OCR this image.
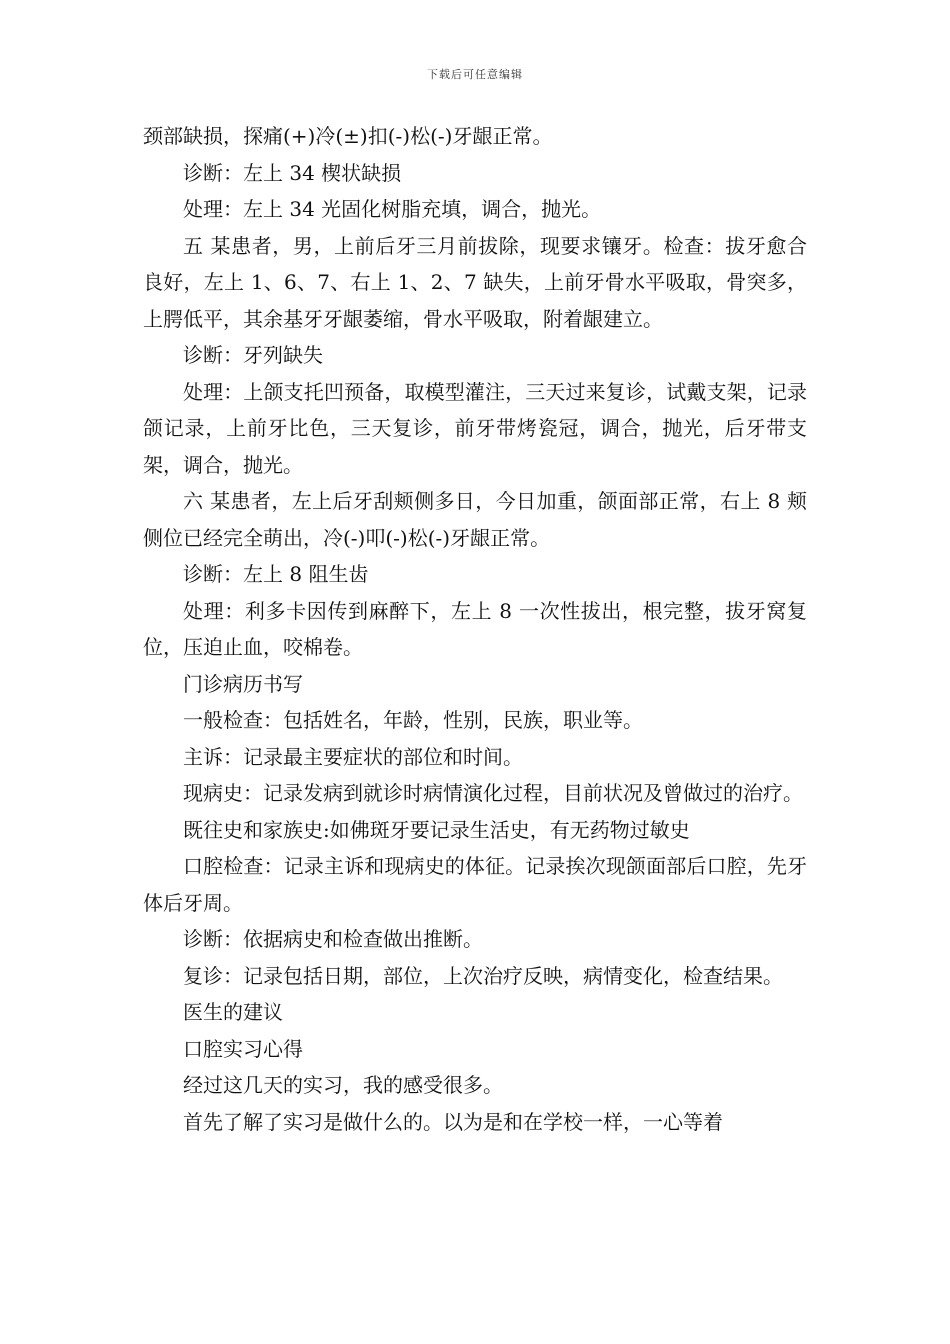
下载后可任意编辑

颈部缺损，探痛(+)冷(±)扣(-)松(-)牙龈正常。

诊断：左上 34 楔状缺损

处理：左上 34 光固化树脂充填，调合，抛光。

五 某患者，男，上前后牙三月前拔除，现要求镶牙。检查：拔牙愈合良好，左上 1、6、7、右上 1、2、7 缺失，上前牙骨水平吸取，骨突多，上腭低平，其余基牙牙龈萎缩，骨水平吸取，附着龈建立。

诊断：牙列缺失

处理：上颌支托凹预备，取模型灌注，三天过来复诊，试戴支架，记录颌记录，上前牙比色，三天复诊，前牙带烤瓷冠，调合，抛光，后牙带支架，调合，抛光。

六 某患者，左上后牙刮颊侧多日，今日加重，颌面部正常，右上 8 颊侧位已经完全萌出，冷(-)叩(-)松(-)牙龈正常。

诊断：左上 8 阻生齿

处理：利多卡因传到麻醉下，左上 8 一次性拔出，根完整，拔牙窝复位，压迫止血，咬棉卷。

门诊病历书写

一般检查：包括姓名，年龄，性别，民族，职业等。

主诉：记录最主要症状的部位和时间。

现病史：记录发病到就诊时病情演化过程，目前状况及曾做过的治疗。

既往史和家族史:如佛斑牙要记录生活史，有无药物过敏史

口腔检查：记录主诉和现病史的体征。记录挨次现颌面部后口腔，先牙体后牙周。

诊断：依据病史和检查做出推断。

复诊：记录包括日期，部位，上次治疗反映，病情变化，检查结果。

医生的建议

口腔实习心得

经过这几天的实习，我的感受很多。

首先了解了实习是做什么的。以为是和在学校一样，一心等着
